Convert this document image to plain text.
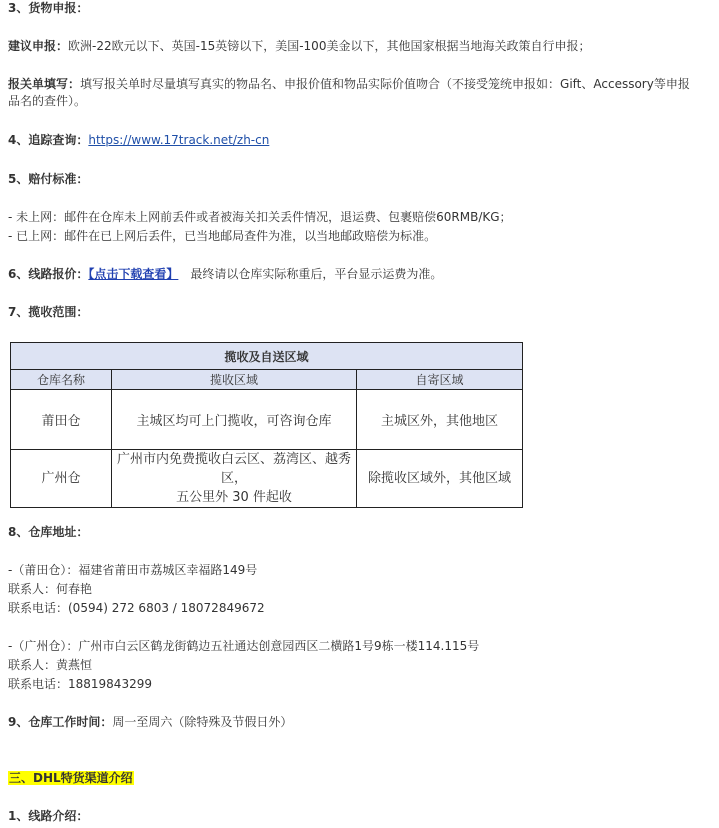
3、货物申报：
建议申报：欧洲-22欧元以下、英国-15英镑以下，美国-100美金以下，其他国家根据当地海关政策自行申报；
报关单填写：填写报关单时尽量填写真实的物品名、申报价值和物品实际价值吻合（不接受笼统申报如：Gift、Accessory等申报品名的查件）。
4、追踪查询：https://www.17track.net/zh-cn
5、赔付标准：
- 未上网：邮件在仓库未上网前丢件或者被海关扣关丢件情况，退运费、包裹赔偿60RMB/KG；
- 已上网：邮件在已上网后丢件，已当地邮局查件为准，以当地邮政赔偿为标准。
6、线路报价：【点击下载查看】 最终请以仓库实际称重后，平台显示运费为准。
7、揽收范围：
揽收及自送区域		
仓库名称	揽收区域	自寄区域
莆田仓	主城区均可上门揽收，可咨询仓库	主城区外，其他地区
广州仓	广州市内免费揽收白云区、荔湾区、越秀区，
五公里外 30 件起收	除揽收区域外，其他区域
8、仓库地址：
-（莆田仓）：福建省莆田市荔城区幸福路149号
联系人：何春艳
联系电话：(0594) 272 6803 / 18072849672
-（广州仓）：广州市白云区鹤龙街鹤边五社通达创意园西区二横路1号9栋一楼114.115号
联系人：黄燕恒
联系电话：18819843299
9、仓库工作时间：周一至周六（除特殊及节假日外）
三、DHL特货渠道介绍
1、线路介绍：
